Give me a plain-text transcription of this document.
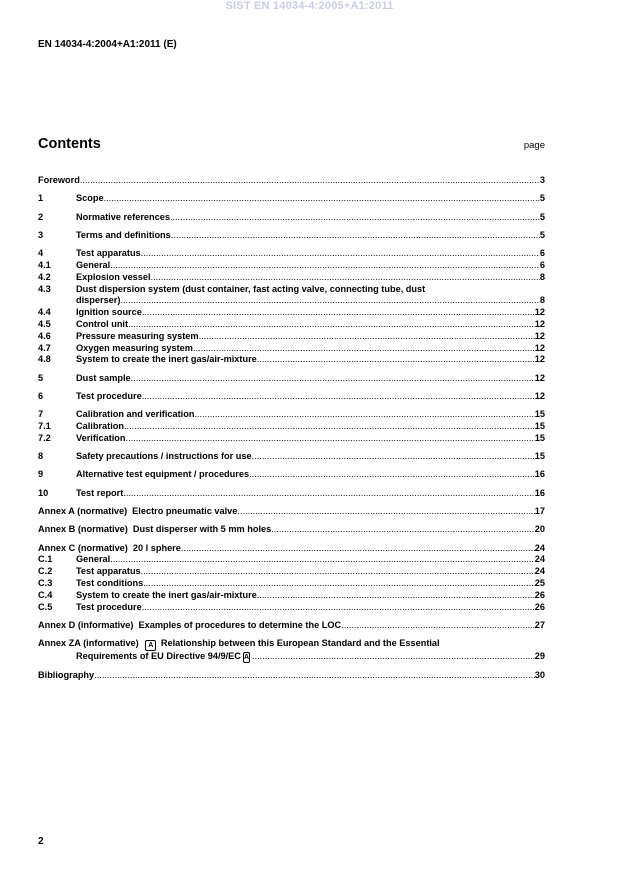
SIST EN 14034-4:2005+A1:2011
EN 14034-4:2004+A1:2011 (E)
Contents	page
Foreword .....	3
1	Scope .....	5
2	Normative references .....	5
3	Terms and definitions .....	5
4	Test apparatus .....	6
4.1	General .....	6
4.2	Explosion vessel .....	8
4.3	Dust dispersion system (dust container, fast acting valve, connecting tube, dust
disperser) .....	8
4.4	Ignition source .....	12
4.5	Control unit .....	12
4.6	Pressure measuring system .....	12
4.7	Oxygen measuring system .....	12
4.8	System to create the inert gas/air-mixture .....	12
5	Dust sample .....	12
6	Test procedure .....	12
7	Calibration and verification .....	15
7.1	Calibration .....	15
7.2	Verification .....	15
8	Safety precautions / instructions for use .....	15
9	Alternative test equipment / procedures .....	16
10	Test report .....	16
Annex A (normative) Electro pneumatic valve .....	17
Annex B (normative) Dust disperser with 5 mm holes .....	20
Annex C (normative) 20 l sphere .....	24
C.1	General .....	24
C.2	Test apparatus .....	24
C.3	Test conditions .....	25
C.4	System to create the inert gas/air-mixture .....	26
C.5	Test procedure .....	26
Annex D (informative) Examples of procedures to determine the LOC .....	27
Annex ZA (informative) A Relationship between this European Standard and the Essential
Requirements of EU Directive 94/9/EC A .....	29
Bibliography .....	30
2
